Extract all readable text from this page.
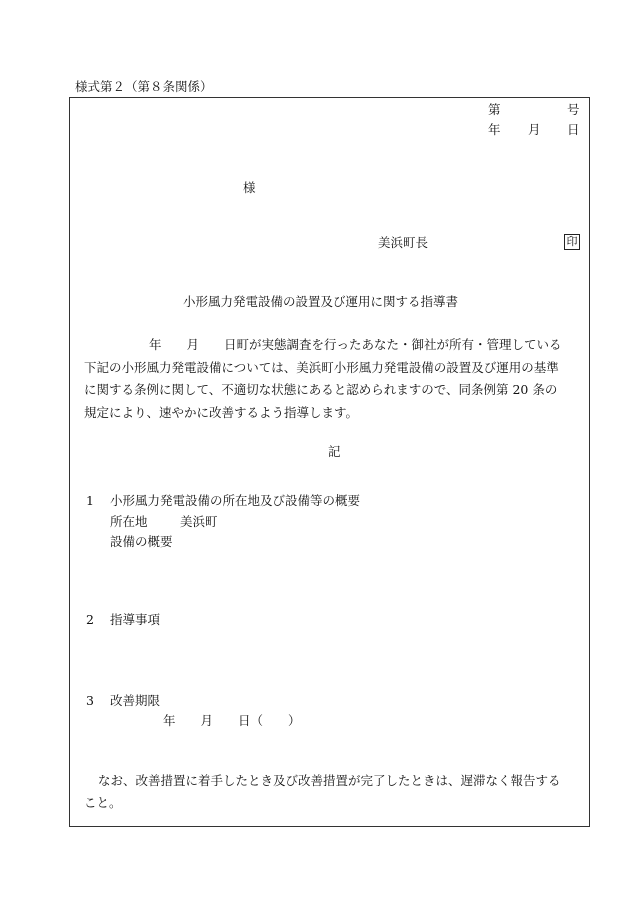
様式第２（第８条関係）
第	号
年 月 日
様
美浜町長	印
小形風力発電設備の設置及び運用に関する指導書
年　　月　　日町が実態調査を行ったあなた・御社が所有・管理している
下記の小形風力発電設備については、美浜町小形風力発電設備の設置及び運用の基準
に関する条例に関して、不適切な状態にあると認められますので、同条例第 20 条の
規定により、速やかに改善するよう指導します。
記
1 小形風力発電設備の所在地及び設備等の概要
所在地	美浜町
設備の概要
2 指導事項
3 改善期限
年　　月　　日（　　）
なお、改善措置に着手したとき及び改善措置が完了したときは、遅滞なく報告する
こと。
